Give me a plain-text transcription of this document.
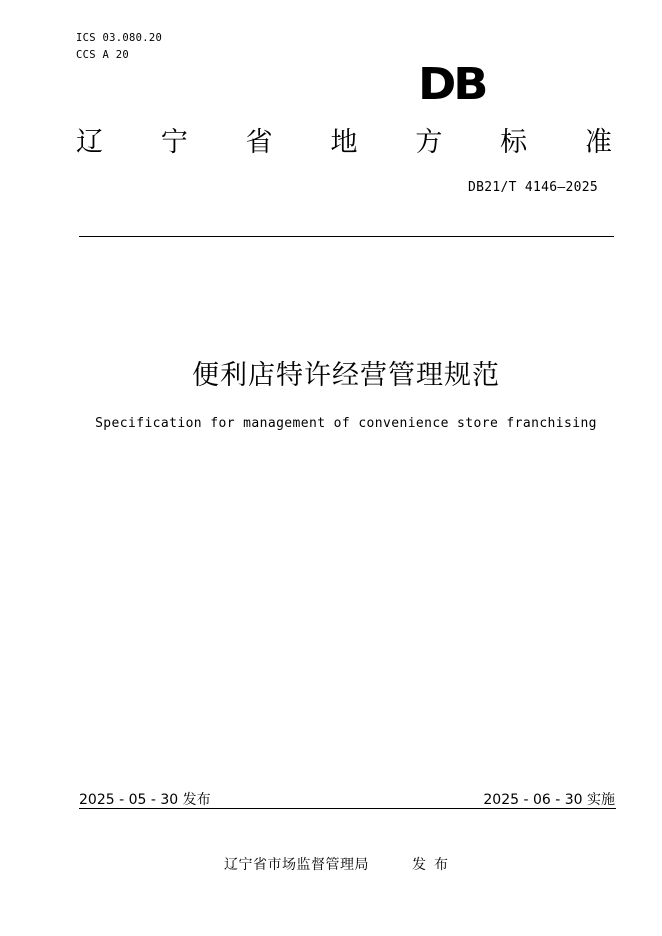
ICS 03.080.20
CCS A 20
DB
辽 宁 省 地 方 标 准
DB21/T 4146—2025
便利店特许经营管理规范
Specification for management of convenience store franchising
2025 - 05 - 30 发布	2025 - 06 - 30 实施
辽宁省市场监督管理局	发布
